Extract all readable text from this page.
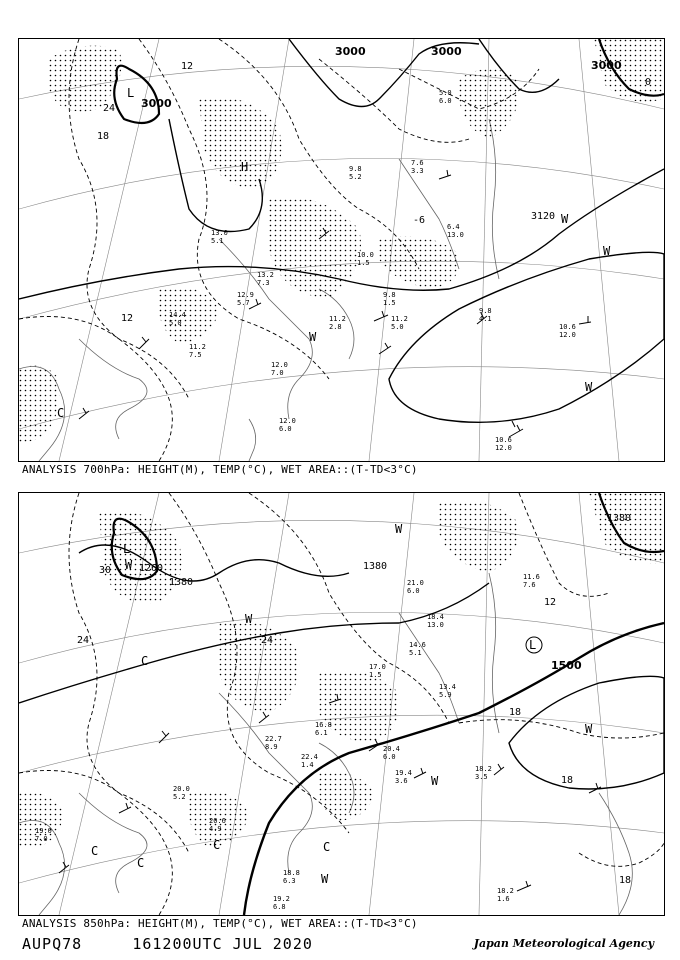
3000
3000	3000
3000
3120
12
18
24
12
-6
0
L
H
C
W
W
W
W
9.8
1.5
11.2
5.0
9.8
4.1
10.6
12.0
10.6
12.0
12.0
7.0
12.0
6.0
11.2
7.5
14.4
5.0
13.0
5.1
7.6
3.3
9.8
5.2
6.4
13.0
5.0
6.0
11.2
2.8
10.0
1.5
13.2
7.3
12.9
5.7
ANALYSIS 700hPa: HEIGHT(M), TEMP(°C), WET AREA::(T-TD<3°C)
1260
1380
1380
1380
1500
30
24	24
12
18
18
18
L
L
C
C
C
C	C
W
W
W
W
W
W
19.4
3.6
18.2
3.5
18.2
1.6
20.4
6.0
22.7
8.9
22.4
1.4
20.0
5.2
19.0
7.0
13.4
5.9
11.6
7.6
21.0
6.0
17.0
1.5
18.4
13.0
16.8
6.1
14.6
5.1
20.6
4.9
18.8
6.3
19.2
6.8
ANALYSIS 850hPa: HEIGHT(M), TEMP(°C), WET AREA::(T-TD<3°C)
AUPQ78	161200UTC JUL 2020	Japan Meteorological Agency
